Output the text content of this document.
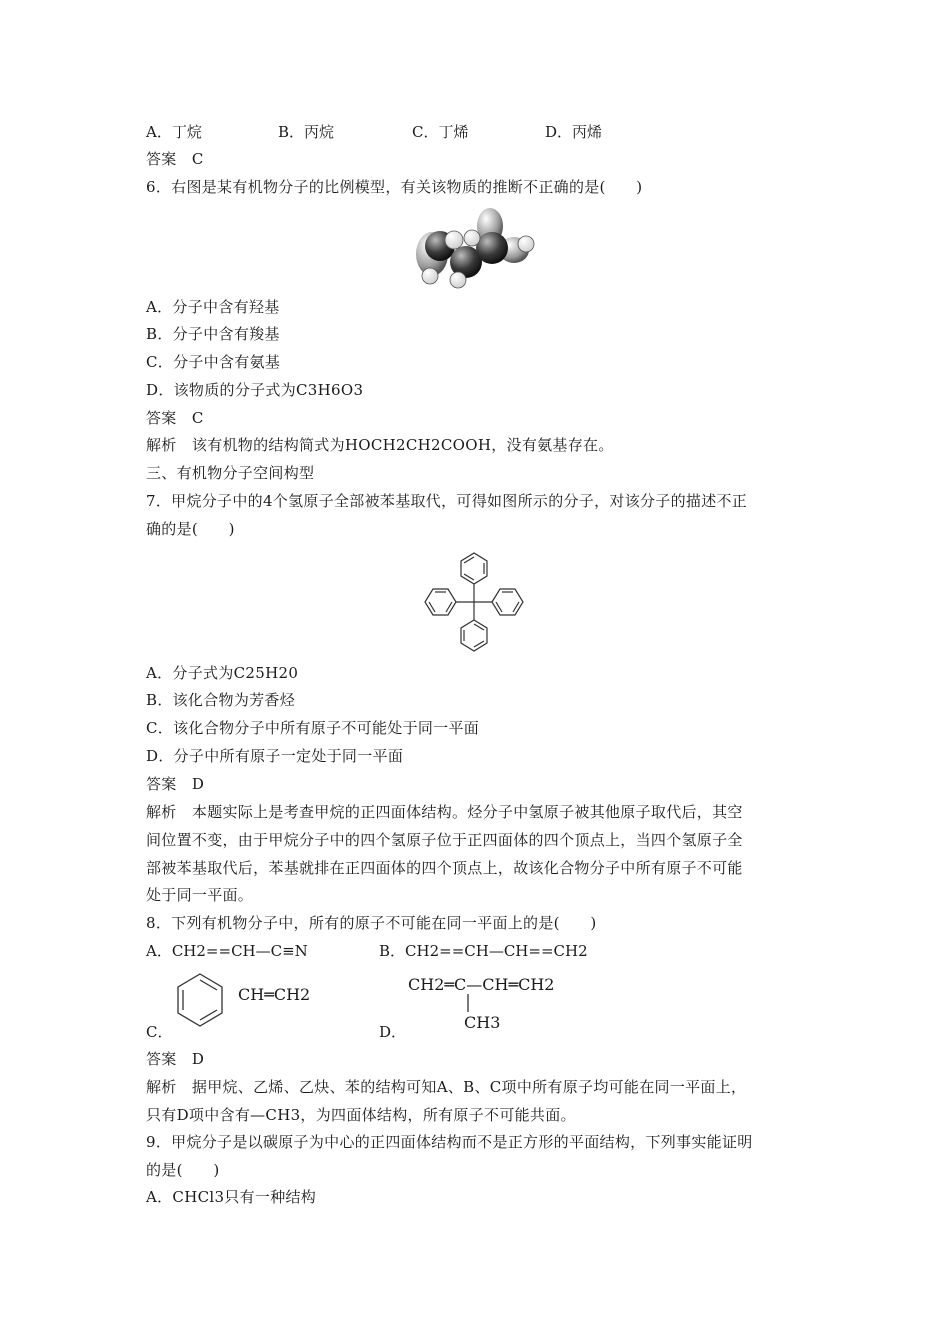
A．丁烷	B．丙烷	C．丁烯	D．丙烯
答案　C
6．右图是某有机物分子的比例模型，有关该物质的推断不正确的是(　　)
A．分子中含有羟基
B．分子中含有羧基
C．分子中含有氨基
D．该物质的分子式为C3H6O3
答案　C
解析　该有机物的结构简式为HOCH2CH2COOH，没有氨基存在。
三、有机物分子空间构型
7．甲烷分子中的4个氢原子全部被苯基取代，可得如图所示的分子，对该分子的描述不正
确的是(　　)
A．分子式为C25H20
B．该化合物为芳香烃
C．该化合物分子中所有原子不可能处于同一平面
D．分子中所有原子一定处于同一平面
答案　D
解析　本题实际上是考查甲烷的正四面体结构。烃分子中氢原子被其他原子取代后，其空
间位置不变，由于甲烷分子中的四个氢原子位于正四面体的四个顶点上，当四个氢原子全
部被苯基取代后，苯基就排在正四面体的四个顶点上，故该化合物分子中所有原子不可能
处于同一平面。
8．下列有机物分子中，所有的原子不可能在同一平面上的是(　　)
A．CH2==CH—C≡N	B．CH2==CH—CH==CH2
CH═CH2
C．
CH2═C—CH═CH2
CH3
D．
答案　D
解析　据甲烷、乙烯、乙炔、苯的结构可知A、B、C项中所有原子均可能在同一平面上，
只有D项中含有—CH3，为四面体结构，所有原子不可能共面。
9．甲烷分子是以碳原子为中心的正四面体结构而不是正方形的平面结构，下列事实能证明
的是(　　)
A．CHCl3只有一种结构
